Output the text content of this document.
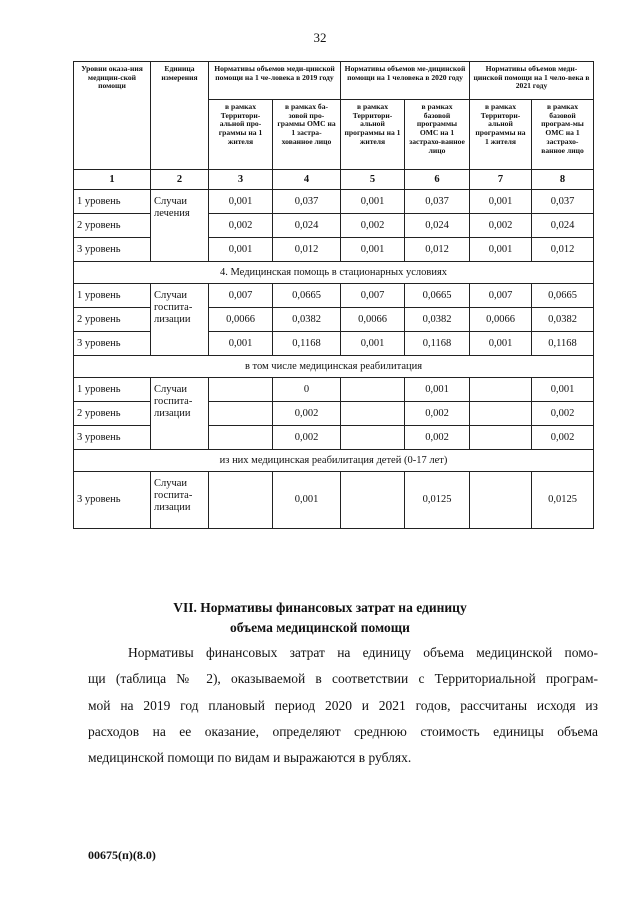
32
Уровни оказа-ния медицин-ской помощи	Единица измерения	Нормативы объемов меди-цинской помощи на 1 че-ловека в 2019 году		Нормативы объемов ме-дицинской помощи на 1 человека в 2020 году		Нормативы объемов меди-цинской помощи на 1 чело-века в 2021 году	
		в рамках Территори-альной про-граммы на 1 жителя	в рамках ба-зовой про-граммы ОМС на 1 застра-хованное лицо	в рамках Территори-альной программы на 1 жителя	в рамках базовой программы ОМС на 1 застрахо-ванное лицо	в рамках Территори-альной программы на 1 жителя	в рамках базовой програм-мы ОМС на 1 застрахо-ванное лицо
1	2	3	4	5	6	7	8
1 уровень	Случаи лечения	0,001	0,037	0,001	0,037	0,001	0,037
2 уровень		0,002	0,024	0,002	0,024	0,002	0,024
3 уровень		0,001	0,012	0,001	0,012	0,001	0,012
4. Медицинская помощь в стационарных условиях							
1 уровень	Случаи госпита-лизации	0,007	0,0665	0,007	0,0665	0,007	0,0665
2 уровень		0,0066	0,0382	0,0066	0,0382	0,0066	0,0382
3 уровень		0,001	0,1168	0,001	0,1168	0,001	0,1168
в том числе медицинская реабилитация							
1 уровень	Случаи госпита-лизации		0		0,001		0,001
2 уровень			0,002		0,002		0,002
3 уровень			0,002		0,002		0,002
из них медицинская реабилитация детей (0-17 лет)							
3 уровень	Случаи госпита-лизации		0,001		0,0125		0,0125
VII. Нормативы финансовых затрат на единицу
объема медицинской помощи
Нормативы финансовых затрат на единицу объема медицинской помо-
щи (таблица № 2), оказываемой в соответствии с Территориальной програм-
мой на 2019 год плановый период 2020 и 2021 годов, рассчитаны исходя из
расходов на ее оказание, определяют среднюю стоимость единицы объема
медицинской помощи по видам и выражаются в рублях.
00675(п)(8.0)
